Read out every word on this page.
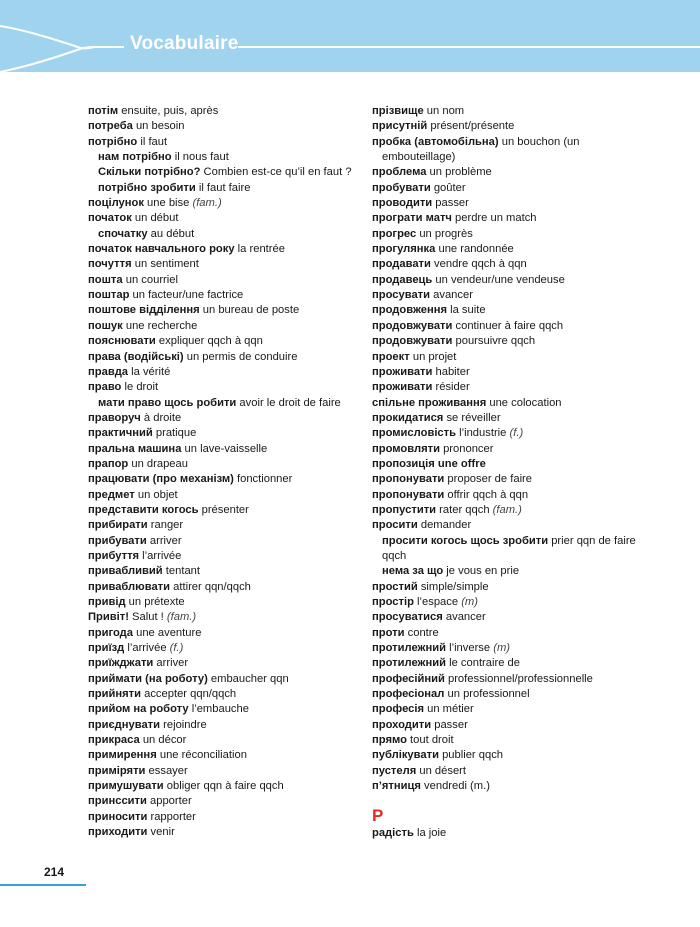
Vocabulaire
потім ensuite, puis, après
потреба un besoin
потрібно il faut
нам потрібно il nous faut
Скільки потрібно? Combien est-ce qu’il en faut ?
потрібно зробити il faut faire
поцілунок une bise (fam.)
початок un début
спочатку au début
початок навчального року la rentrée
почуття un sentiment
пошта un courriel
поштар un facteur/une factrice
поштове відділення un bureau de poste
пошук une recherche
пояснювати expliquer qqch à qqn
права (водійські) un permis de conduire
правда la vérité
право le droit
мати право щось робити avoir le droit de faire
праворуч à droite
практичний pratique
пральна машина un lave-vaisselle
прапор un drapeau
працювати (про механізм) fonctionner
предмет un objet
представити когось présenter
прибирати ranger
прибувати arriver
прибуття l’arrivée
привабливий tentant
приваблювати attirer qqn/qqch
привід un prétexte
Привіт! Salut ! (fam.)
пригода une aventure
приїзд l’arrivée (f.)
приїжджати arriver
приймати (на роботу) embaucher qqn
прийняти accepter qqn/qqch
прийом на роботу l’embauche
приєднувати rejoindre
прикраса un décor
примирення une réconciliation
приміряти essayer
примушувати obliger qqn à faire qqch
принссити apporter
приносити rapporter
приходити venir
прізвище un nom
присутній présent/présente
пробка (автомобільна) un bouchon (un
embouteillage)
проблема un problème
пробувати goûter
проводити passer
програти матч perdre un match
прогрес un progrès
прогулянка une randonnée
продавати vendre qqch à qqn
продавець un vendeur/une vendeuse
просувати avancer
продовження la suite
продовжувати continuer à faire qqch
продовжувати poursuivre qqch
проект un projet
проживати habiter
проживати résider
спільне проживання une colocation
прокидатися se réveiller
промисловість l’industrie (f.)
промовляти prononcer
пропозиція une offre
пропонувати proposer de faire
пропонувати offrir qqch à qqn
пропустити rater qqch (fam.)
просити demander
просити когось щось зробити prier qqn de faire
qqch
нема за що je vous en prie
простий simple/simple
простір l’espace (m)
просуватися avancer
проти contre
протилежний l’inverse (m)
протилежний le contraire de
професійний professionnel/professionnelle
професіонал un professionnel
професія un métier
проходити passer
прямо tout droit
публікувати publier qqch
пустеля un désert
п’ятниця vendredi (m.)
Р
радість la joie
214
